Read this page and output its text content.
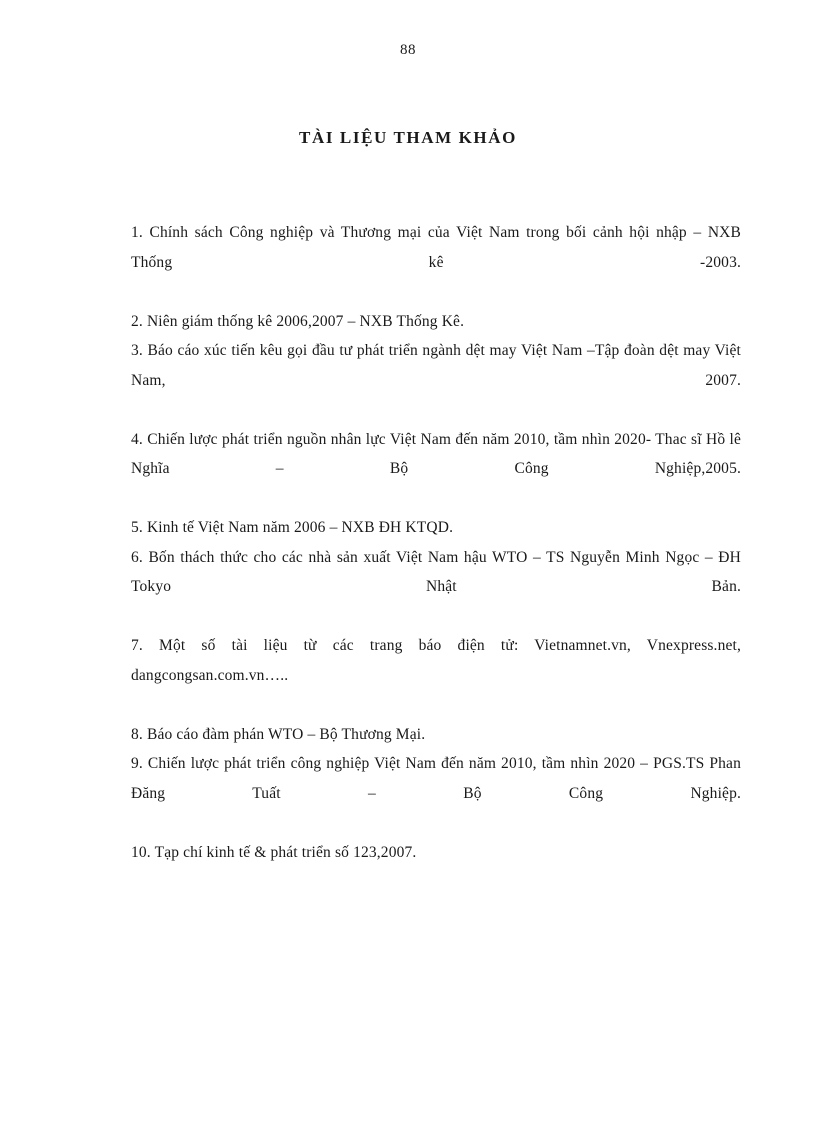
88
TÀI LIỆU THAM KHẢO

1. Chính sách Công nghiệp và Thương mại của Việt Nam trong bối cảnh hội nhập – NXB Thống kê -2003.

2. Niên giám thống kê 2006,2007 – NXB Thống Kê.

3. Báo cáo xúc tiến kêu gọi đầu tư phát triển ngành dệt may Việt Nam –Tập đoàn dệt may Việt Nam, 2007.

4. Chiến lược phát triển nguồn nhân lực Việt Nam đến năm 2010, tầm nhìn 2020- Thac sĩ Hồ lê Nghĩa – Bộ Công Nghiệp,2005.

5. Kinh tế Việt Nam năm 2006 – NXB ĐH KTQD.

6. Bốn thách thức cho các nhà sản xuất Việt Nam hậu WTO – TS Nguyễn Minh Ngọc – ĐH Tokyo Nhật Bản.

7. Một số tài liệu từ các trang báo điện tử: Vietnamnet.vn, Vnexpress.net, dangcongsan.com.vn…..

8. Báo cáo đàm phán WTO – Bộ Thương Mại.

9. Chiến lược phát triển công nghiệp Việt Nam đến năm 2010, tầm nhìn 2020 – PGS.TS Phan Đăng Tuất – Bộ Công Nghiệp.

10. Tạp chí kinh tế & phát triển số 123,2007.
